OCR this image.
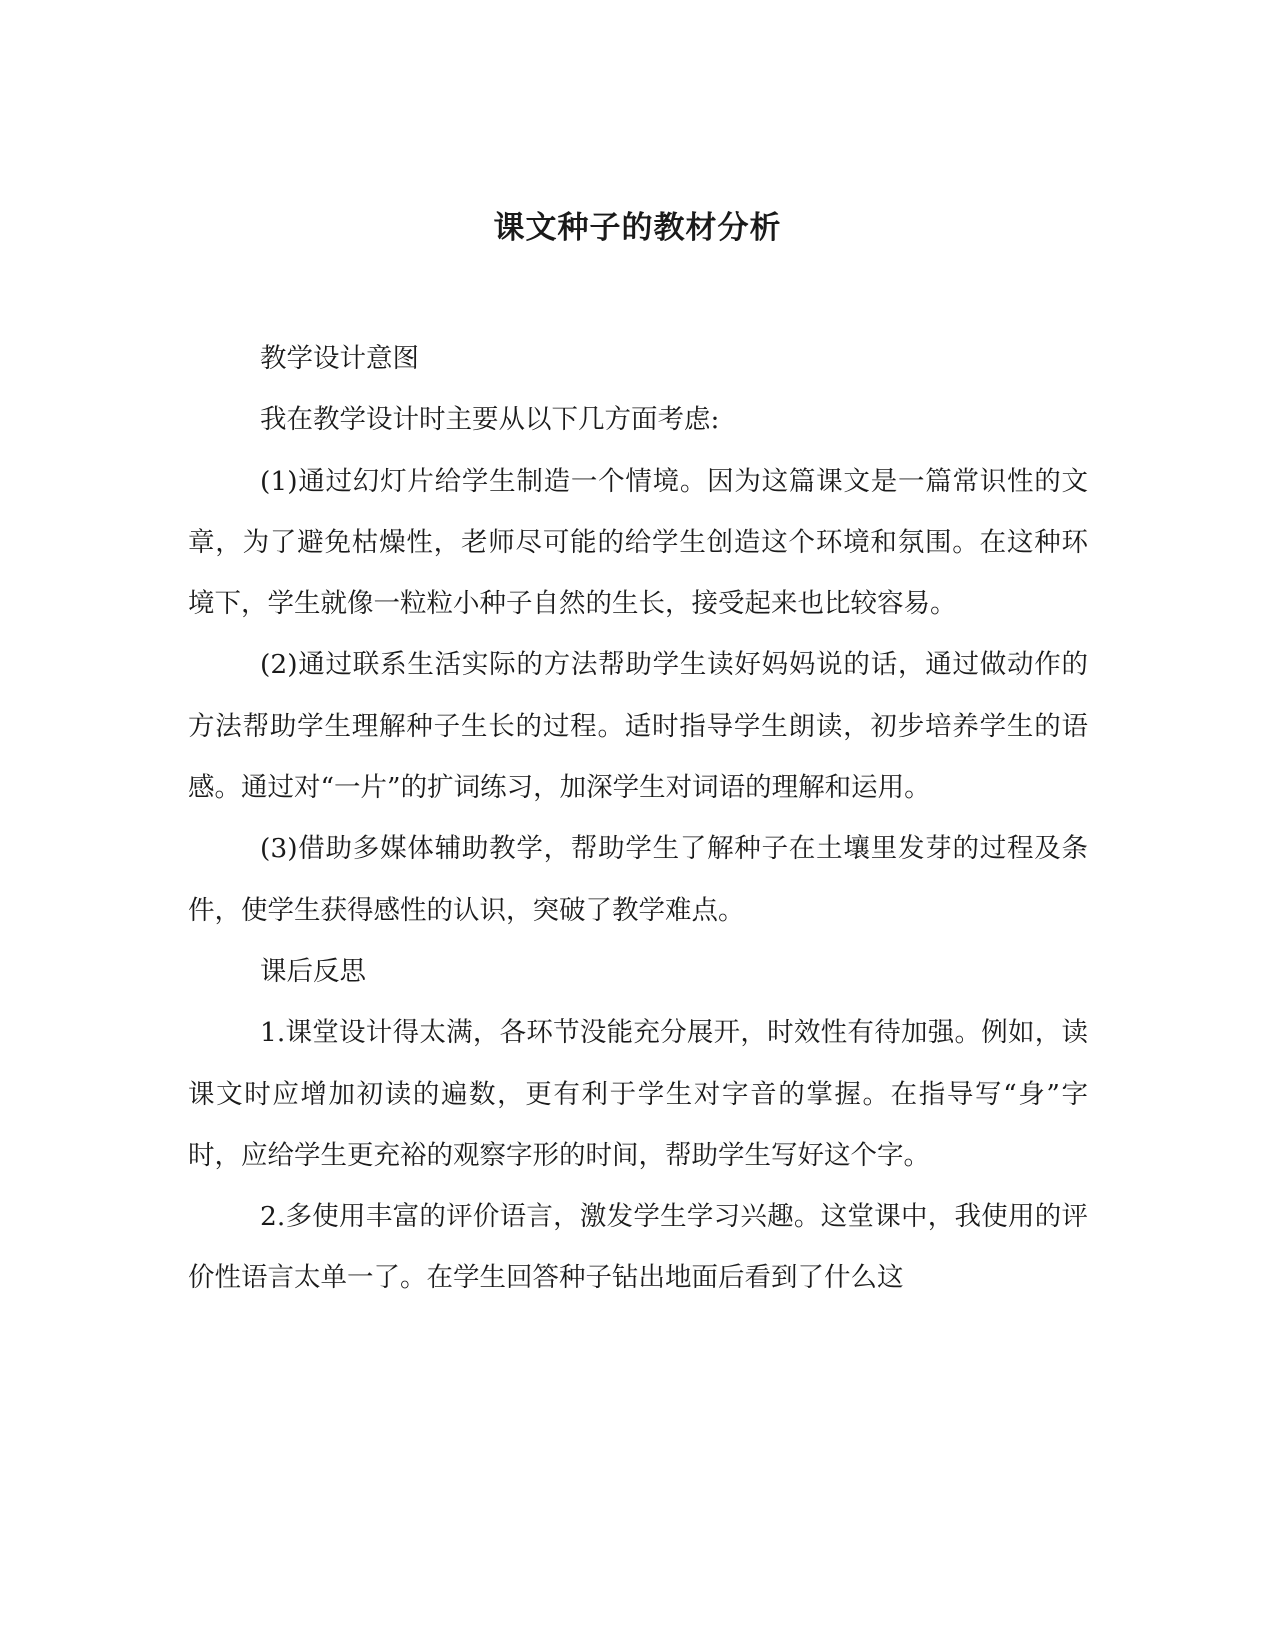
课文种子的教材分析

教学设计意图

我在教学设计时主要从以下几方面考虑:

(1)通过幻灯片给学生制造一个情境。因为这篇课文是一篇常识性的文章，为了避免枯燥性，老师尽可能的给学生创造这个环境和氛围。在这种环境下，学生就像一粒粒小种子自然的生长，接受起来也比较容易。

(2)通过联系生活实际的方法帮助学生读好妈妈说的话，通过做动作的方法帮助学生理解种子生长的过程。适时指导学生朗读，初步培养学生的语感。通过对“一片”的扩词练习，加深学生对词语的理解和运用。

(3)借助多媒体辅助教学，帮助学生了解种子在土壤里发芽的过程及条件，使学生获得感性的认识，突破了教学难点。

课后反思

1.课堂设计得太满，各环节没能充分展开，时效性有待加强。例如，读课文时应增加初读的遍数，更有利于学生对字音的掌握。在指导写“身”字时，应给学生更充裕的观察字形的时间，帮助学生写好这个字。

2.多使用丰富的评价语言，激发学生学习兴趣。这堂课中，我使用的评价性语言太单一了。在学生回答种子钻出地面后看到了什么这
